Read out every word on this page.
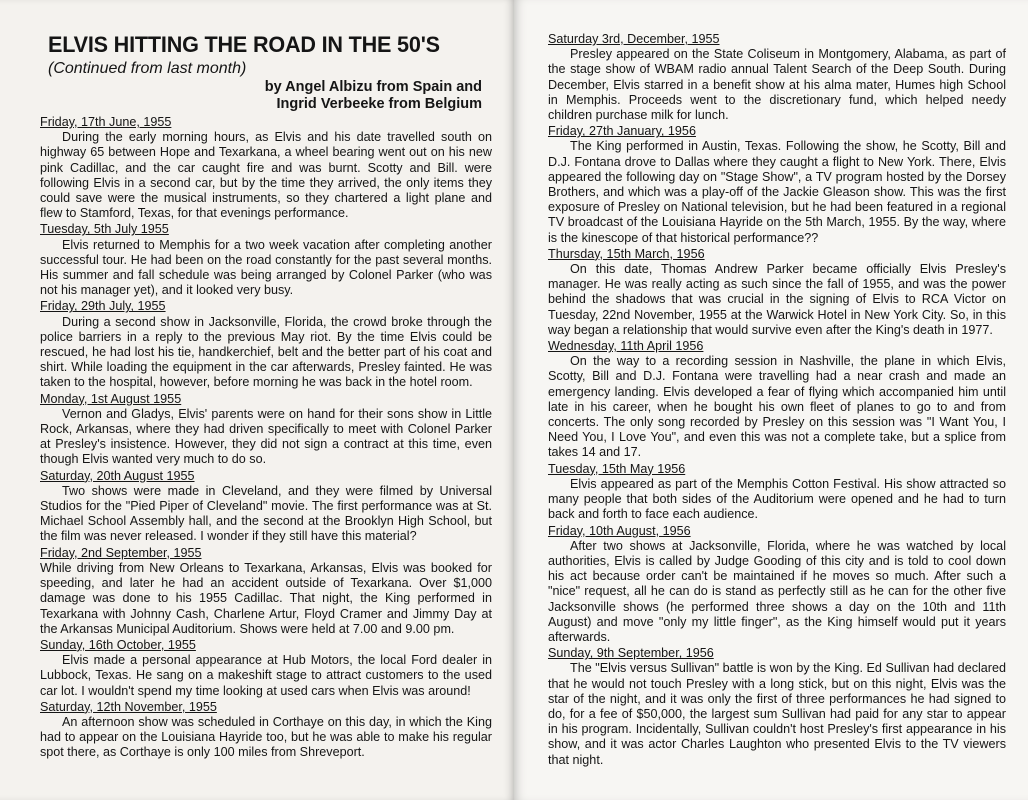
ELVIS HITTING THE ROAD IN THE 50'S
(Continued from last month)
by Angel Albizu from Spain and
Ingrid Verbeeke from Belgium
Friday, 17th June, 1955
During the early morning hours, as Elvis and his date travelled south on highway 65 between Hope and Texarkana, a wheel bearing went out on his new pink Cadillac, and the car caught fire and was burnt. Scotty and Bill. were following Elvis in a second car, but by the time they arrived, the only items they could save were the musical instruments, so they chartered a light plane and flew to Stamford, Texas, for that evenings performance.
Tuesday, 5th July 1955
Elvis returned to Memphis for a two week vacation after completing another successful tour. He had been on the road constantly for the past several months. His summer and fall schedule was being arranged by Colonel Parker (who was not his manager yet), and it looked very busy.
Friday, 29th July, 1955
During a second show in Jacksonville, Florida, the crowd broke through the police barriers in a reply to the previous May riot. By the time Elvis could be rescued, he had lost his tie, handkerchief, belt and the better part of his coat and shirt. While loading the equipment in the car afterwards, Presley fainted. He was taken to the hospital, however, before morning he was back in the hotel room.
Monday, 1st August 1955
Vernon and Gladys, Elvis' parents were on hand for their sons show in Little Rock, Arkansas, where they had driven specifically to meet with Colonel Parker at Presley's insistence. However, they did not sign a contract at this time, even though Elvis wanted very much to do so.
Saturday, 20th August 1955
Two shows were made in Cleveland, and they were filmed by Universal Studios for the "Pied Piper of Cleveland" movie. The first performance was at St. Michael School Assembly hall, and the second at the Brooklyn High School, but the film was never released. I wonder if they still have this material?
Friday, 2nd September, 1955
While driving from New Orleans to Texarkana, Arkansas, Elvis was booked for speeding, and later he had an accident outside of Texarkana. Over $1,000 damage was done to his 1955 Cadillac. That night, the King performed in Texarkana with Johnny Cash, Charlene Artur, Floyd Cramer and Jimmy Day at the Arkansas Municipal Auditorium. Shows were held at 7.00 and 9.00 pm.
Sunday, 16th October, 1955
Elvis made a personal appearance at Hub Motors, the local Ford dealer in Lubbock, Texas. He sang on a makeshift stage to attract customers to the used car lot. I wouldn't spend my time looking at used cars when Elvis was around!
Saturday, 12th November, 1955
An afternoon show was scheduled in Corthaye on this day, in which the King had to appear on the Louisiana Hayride too, but he was able to make his regular spot there, as Corthaye is only 100 miles from Shreveport.
Saturday 3rd, December, 1955
Presley appeared on the State Coliseum in Montgomery, Alabama, as part of the stage show of WBAM radio annual Talent Search of the Deep South. During December, Elvis starred in a benefit show at his alma mater, Humes high School in Memphis. Proceeds went to the discretionary fund, which helped needy children purchase milk for lunch.
Friday, 27th January, 1956
The King performed in Austin, Texas. Following the show, he Scotty, Bill and D.J. Fontana drove to Dallas where they caught a flight to New York. There, Elvis appeared the following day on "Stage Show", a TV program hosted by the Dorsey Brothers, and which was a play-off of the Jackie Gleason show. This was the first exposure of Presley on National television, but he had been featured in a regional TV broadcast of the Louisiana Hayride on the 5th March, 1955. By the way, where is the kinescope of that historical performance??
Thursday, 15th March, 1956
On this date, Thomas Andrew Parker became officially Elvis Presley's manager. He was really acting as such since the fall of 1955, and was the power behind the shadows that was crucial in the signing of Elvis to RCA Victor on Tuesday, 22nd November, 1955 at the Warwick Hotel in New York City. So, in this way began a relationship that would survive even after the King's death in 1977.
Wednesday, 11th April 1956
On the way to a recording session in Nashville, the plane in which Elvis, Scotty, Bill and D.J. Fontana were travelling had a near crash and made an emergency landing. Elvis developed a fear of flying which accompanied him until late in his career, when he bought his own fleet of planes to go to and from concerts. The only song recorded by Presley on this session was "I Want You, I Need You, I Love You", and even this was not a complete take, but a splice from takes 14 and 17.
Tuesday, 15th May 1956
Elvis appeared as part of the Memphis Cotton Festival. His show attracted so many people that both sides of the Auditorium were opened and he had to turn back and forth to face each audience.
Friday, 10th August, 1956
After two shows at Jacksonville, Florida, where he was watched by local authorities, Elvis is called by Judge Gooding of this city and is told to cool down his act because order can't be maintained if he moves so much. After such a "nice" request, all he can do is stand as perfectly still as he can for the other five Jacksonville shows (he performed three shows a day on the 10th and 11th August) and move "only my little finger", as the King himself would put it years afterwards.
Sunday, 9th September, 1956
The "Elvis versus Sullivan" battle is won by the King. Ed Sullivan had declared that he would not touch Presley with a long stick, but on this night, Elvis was the star of the night, and it was only the first of three performances he had signed to do, for a fee of $50,000, the largest sum Sullivan had paid for any star to appear in his program. Incidentally, Sullivan couldn't host Presley's first appearance in his show, and it was actor Charles Laughton who presented Elvis to the TV viewers that night.
